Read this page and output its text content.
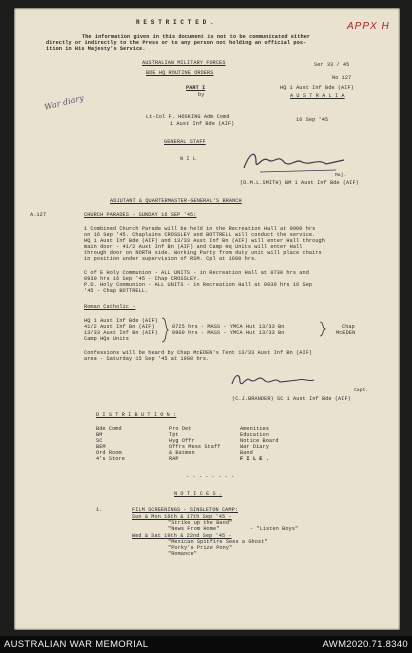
R E S T R I C T E D .	APPX H
The information given in this document is not to be communicated either
directly or indirectly to the Press or to any person not holding an official pos-
ition in His Majesty's Service.
AUSTRALIAN MILITARY FORCES	Ser 33 / 45
BDE HQ ROUTINE ORDERS
No 127
PART I
by
HQ 1 Aust Inf Bde (AIF)
A U S T R A L I A
War diary
Lt-Col F. HOSKING Adm Comd
1 Aust Inf Bde (AIF)
16 Sep '45
GENERAL STAFF
N I L
Maj.
(D.M.L.SMITH) BM 1 Aust Inf Bde (AIF)
ADJUTANT & QUARTERMASTER-GENERAL'S BRANCH
A.127	CHURCH PARADES - SUNDAY 16 SEP '45:
1 Combined Church Parade will be held in the Recreation Hall at 0900 hrs
on 16 Sep '45. Chaplains CROSSLEY and BOTTRELL will conduct the service.
HQ 1 Aust Inf Bde (AIF) and 13/33 Aust Inf Bn (AIF) will enter Hall through
main door - 41/2 Aust Inf Bn (AIF) and Camp Hq Units will enter Hall
through door on NORTH side. Working Party from duty unit will place chairs
in position under supervision of RSM. Cpl at 1600 hrs.
C of E Holy Communion - ALL UNITS - in Recreation Hall at 0730 hrs and
0930 hrs 16 Sep '45 - Chap CROSSLEY.
P.D. Holy Communion - ALL UNITS - in Recreation Hall at 0930 hrs 16 Sep
'45 - Chap BOTTRELL.
Roman Catholic -
HQ 1 Aust Inf Bde (AIF)
41/2 Aust Inf Bn (AIF)
13/33 Aust Inf Bn (AIF)
Camp HQs Units
0725 hrs - MASS - YMCA Hut 13/33 Bn
0900 hrs - MASS - YMCA Hut 13/33 Bn
Chap
McEDEN
Confessions will be heard by Chap McEDEN's Tent 13/33 Aust Inf Bn (AIF)
area - Saturday 15 Sep '45 at 1900 hrs.
Capt.
(C.J.BRANDER) SC 1 Aust Inf Bde (AIF)
D I S T R I B U T I O N :
Bde Comd
BM
SC
BEM
Ord Room
4's Store
Pro Det
Tpt
Hyg Offr
Offrs Mess Staff
& Batmen
RAP
Amenities
Education
Notice Board
War Diary
Band
F I L E .
- - - - - - - -
N O T I C E S .
1.	FILM SCREENINGS - SINGLETON CAMP:
Sun & Mon 16th & 17th Sep '45 -
"Strike up the Band"
"News From Home"	- "Listen Boys"
Wed & Sat 19th & 22nd Sep '45 -
"Mexican Spitfire Sees a Ghost"
"Porky's Prize Pony"
"Romance"
AUSTRALIAN WAR MEMORIAL	AWM2020.71.8340
